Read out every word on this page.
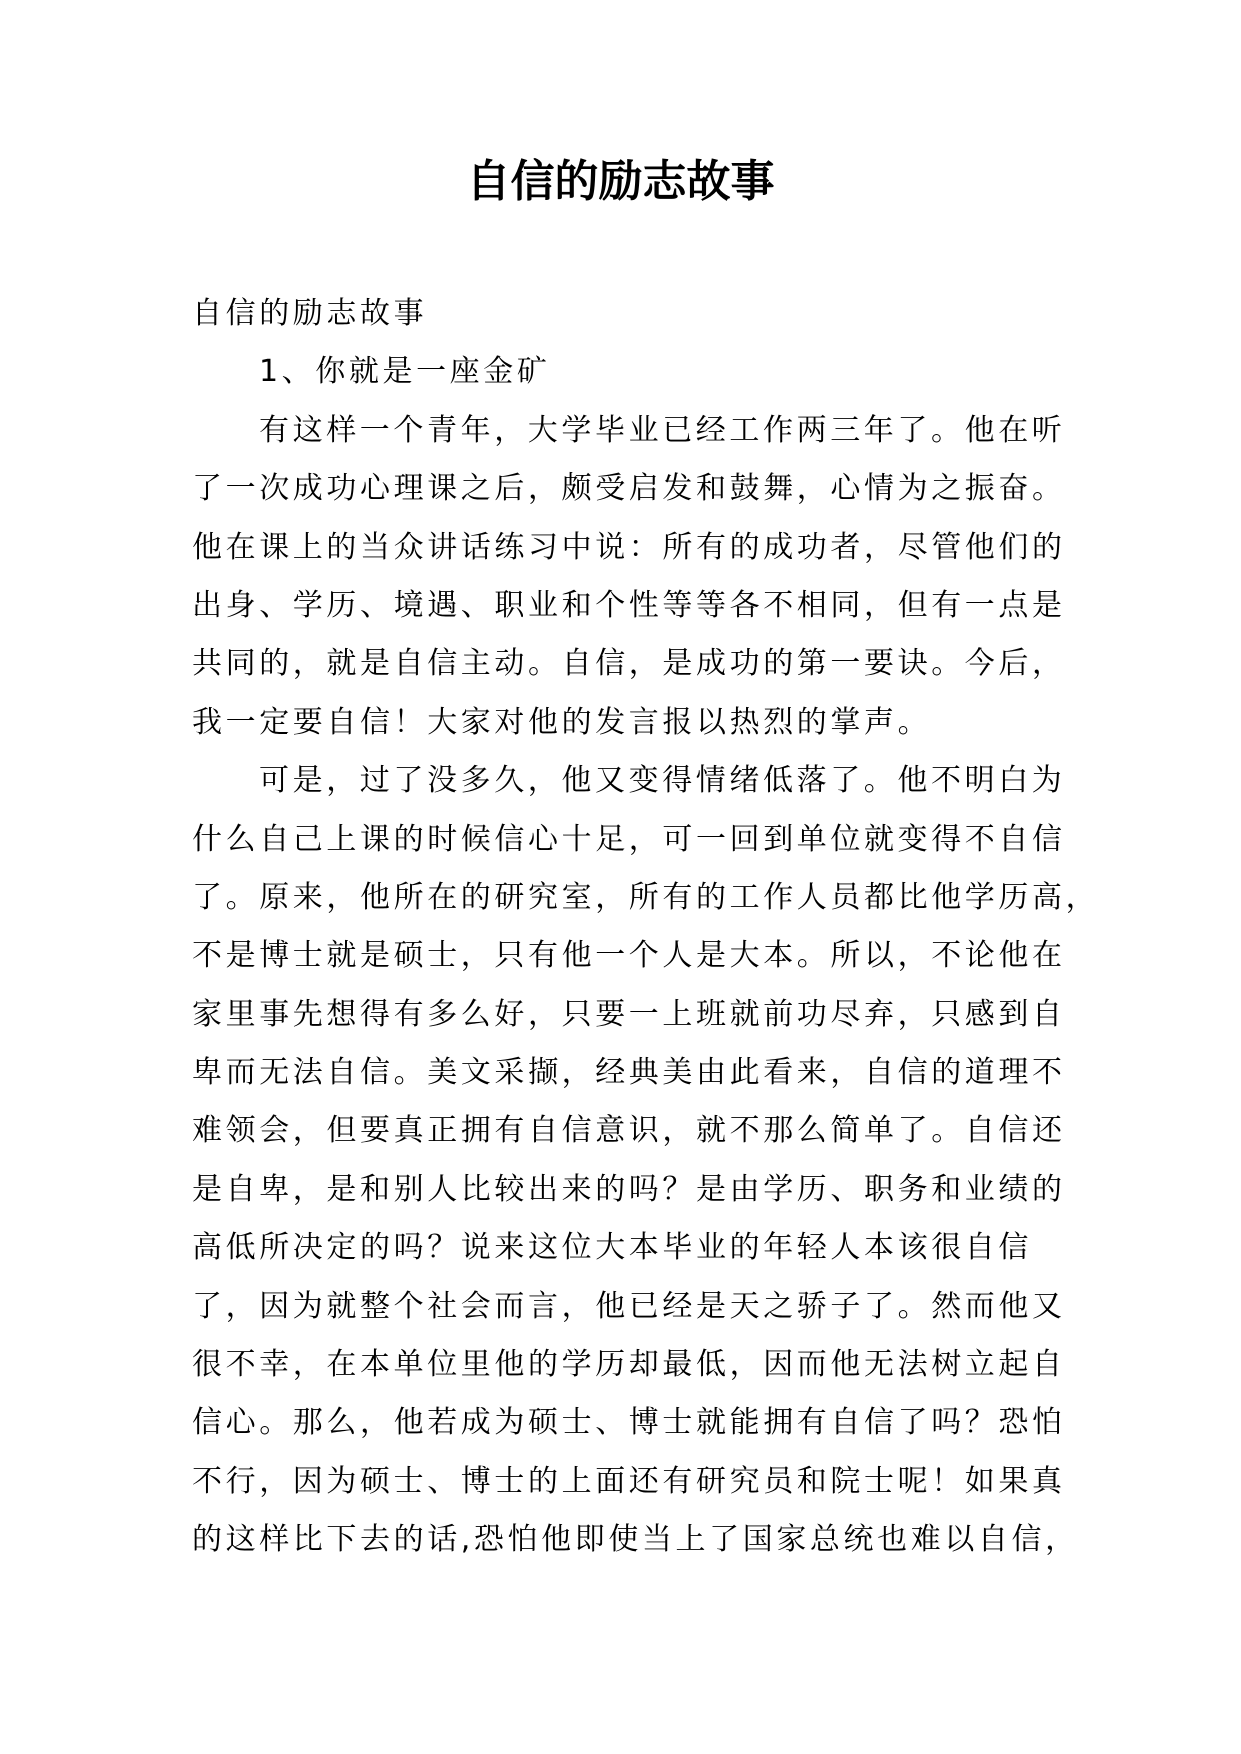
自信的励志故事

自信的励志故事

1、你就是一座金矿

有这样一个青年，大学毕业已经工作两三年了。他在听

了一次成功心理课之后，颇受启发和鼓舞，心情为之振奋。

他在课上的当众讲话练习中说：所有的成功者，尽管他们的

出身、学历、境遇、职业和个性等等各不相同，但有一点是

共同的，就是自信主动。自信，是成功的第一要诀。今后，

我一定要自信！大家对他的发言报以热烈的掌声。

可是，过了没多久，他又变得情绪低落了。他不明白为

什么自己上课的时候信心十足，可一回到单位就变得不自信

了。原来，他所在的研究室，所有的工作人员都比他学历高，

不是博士就是硕士，只有他一个人是大本。所以，不论他在

家里事先想得有多么好，只要一上班就前功尽弃，只感到自

卑而无法自信。美文采撷，经典美由此看来，自信的道理不

难领会，但要真正拥有自信意识，就不那么简单了。自信还

是自卑，是和别人比较出来的吗？是由学历、职务和业绩的

高低所决定的吗？说来这位大本毕业的年轻人本该很自信

了，因为就整个社会而言，他已经是天之骄子了。然而他又

很不幸，在本单位里他的学历却最低，因而他无法树立起自

信心。那么，他若成为硕士、博士就能拥有自信了吗？恐怕

不行，因为硕士、博士的上面还有研究员和院士呢！如果真

的这样比下去的话,恐怕他即使当上了国家总统也难以自信，
